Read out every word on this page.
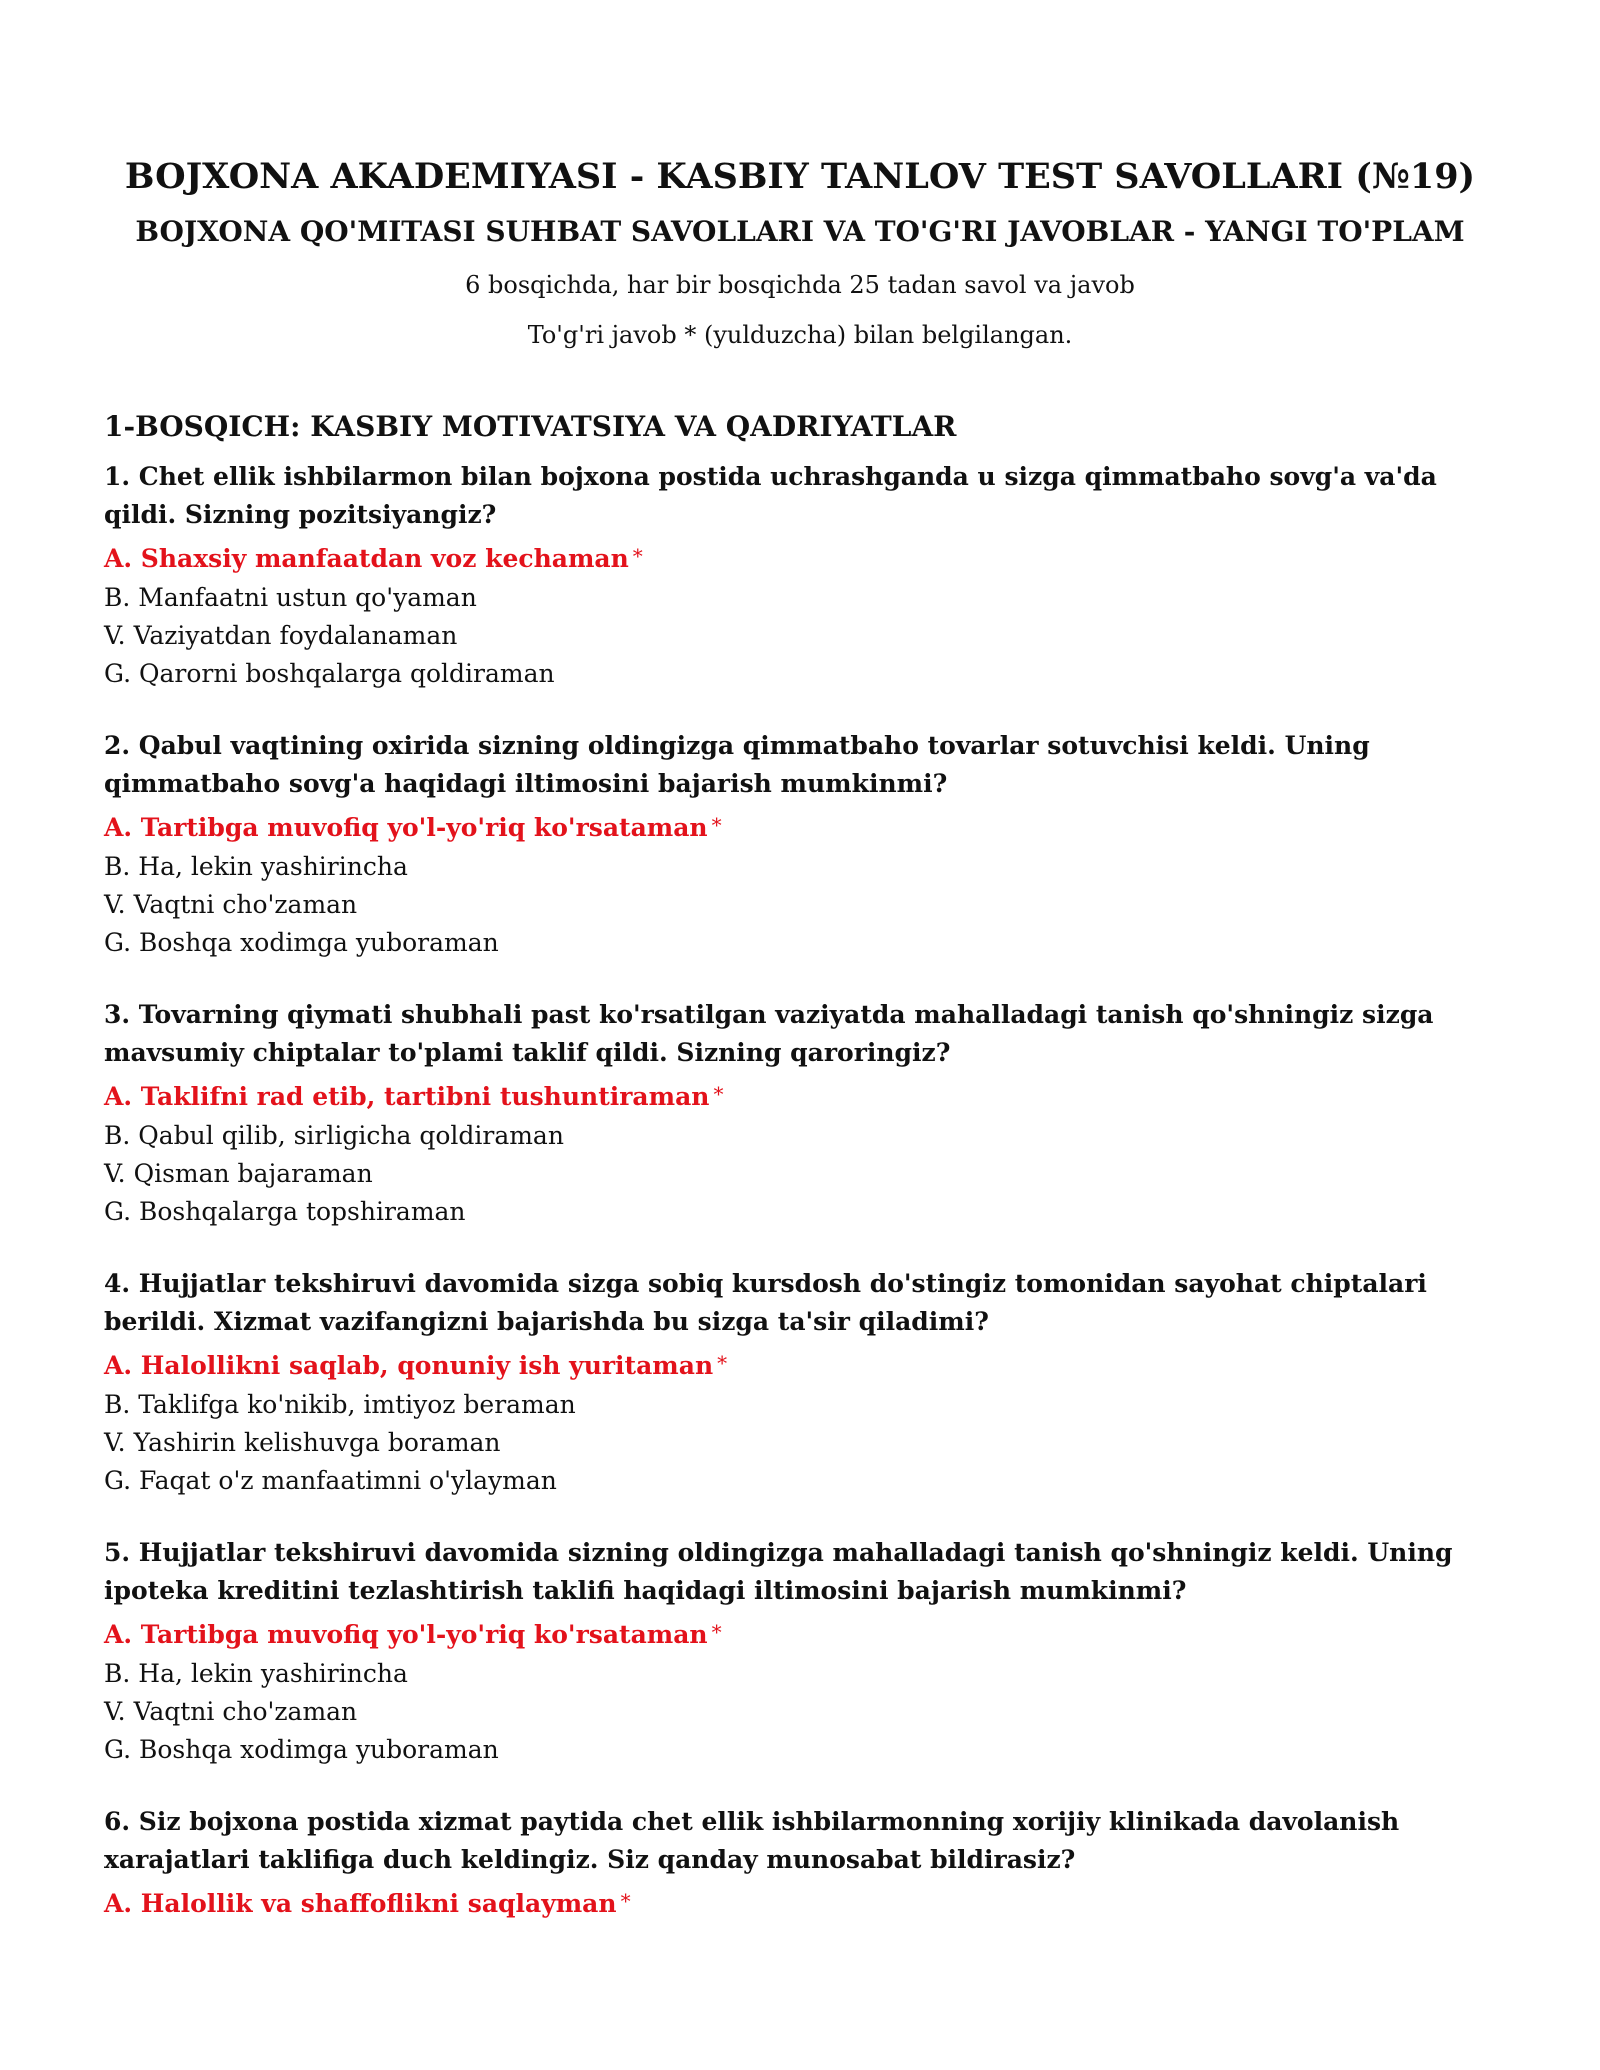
BOJXONA AKADEMIYASI - KASBIY TANLOV TEST SAVOLLARI (№19)
BOJXONA QO'MITASI SUHBAT SAVOLLARI VA TO'G'RI JAVOBLAR - YANGI TO'PLAM
6 bosqichda, har bir bosqichda 25 tadan savol va javob
To'g'ri javob * (yulduzcha) bilan belgilangan.
1-BOSQICH: KASBIY MOTIVATSIYA VA QADRIYATLAR
1. Chet ellik ishbilarmon bilan bojxona postida uchrashganda u sizga qimmatbaho sovg'a va'da qildi. Sizning pozitsiyangiz?
A. Shaxsiy manfaatdan voz kechaman *
B. Manfaatni ustun qo'yaman
V. Vaziyatdan foydalanaman
G. Qarorni boshqalarga qoldiraman
2. Qabul vaqtining oxirida sizning oldingizga qimmatbaho tovarlar sotuvchisi keldi. Uning qimmatbaho sovg'a haqidagi iltimosini bajarish mumkinmi?
A. Tartibga muvofiq yo'l-yo'riq ko'rsataman *
B. Ha, lekin yashirincha
V. Vaqtni cho'zaman
G. Boshqa xodimga yuboraman
3. Tovarning qiymati shubhali past ko'rsatilgan vaziyatda mahalladagi tanish qo'shningiz sizga mavsumiy chiptalar to'plami taklif qildi. Sizning qaroringiz?
A. Taklifni rad etib, tartibni tushuntiraman *
B. Qabul qilib, sirligicha qoldiraman
V. Qisman bajaraman
G. Boshqalarga topshiraman
4. Hujjatlar tekshiruvi davomida sizga sobiq kursdosh do'stingiz tomonidan sayohat chiptalari berildi. Xizmat vazifangizni bajarishda bu sizga ta'sir qiladimi?
A. Halollikni saqlab, qonuniy ish yuritaman *
B. Taklifga ko'nikib, imtiyoz beraman
V. Yashirin kelishuvga boraman
G. Faqat o'z manfaatimni o'ylayman
5. Hujjatlar tekshiruvi davomida sizning oldingizga mahalladagi tanish qo'shningiz keldi. Uning ipoteka kreditini tezlashtirish taklifi haqidagi iltimosini bajarish mumkinmi?
A. Tartibga muvofiq yo'l-yo'riq ko'rsataman *
B. Ha, lekin yashirincha
V. Vaqtni cho'zaman
G. Boshqa xodimga yuboraman
6. Siz bojxona postida xizmat paytida chet ellik ishbilarmonning xorijiy klinikada davolanish xarajatlari taklifiga duch keldingiz. Siz qanday munosabat bildirasiz?
A. Halollik va shaffoflikni saqlayman *
